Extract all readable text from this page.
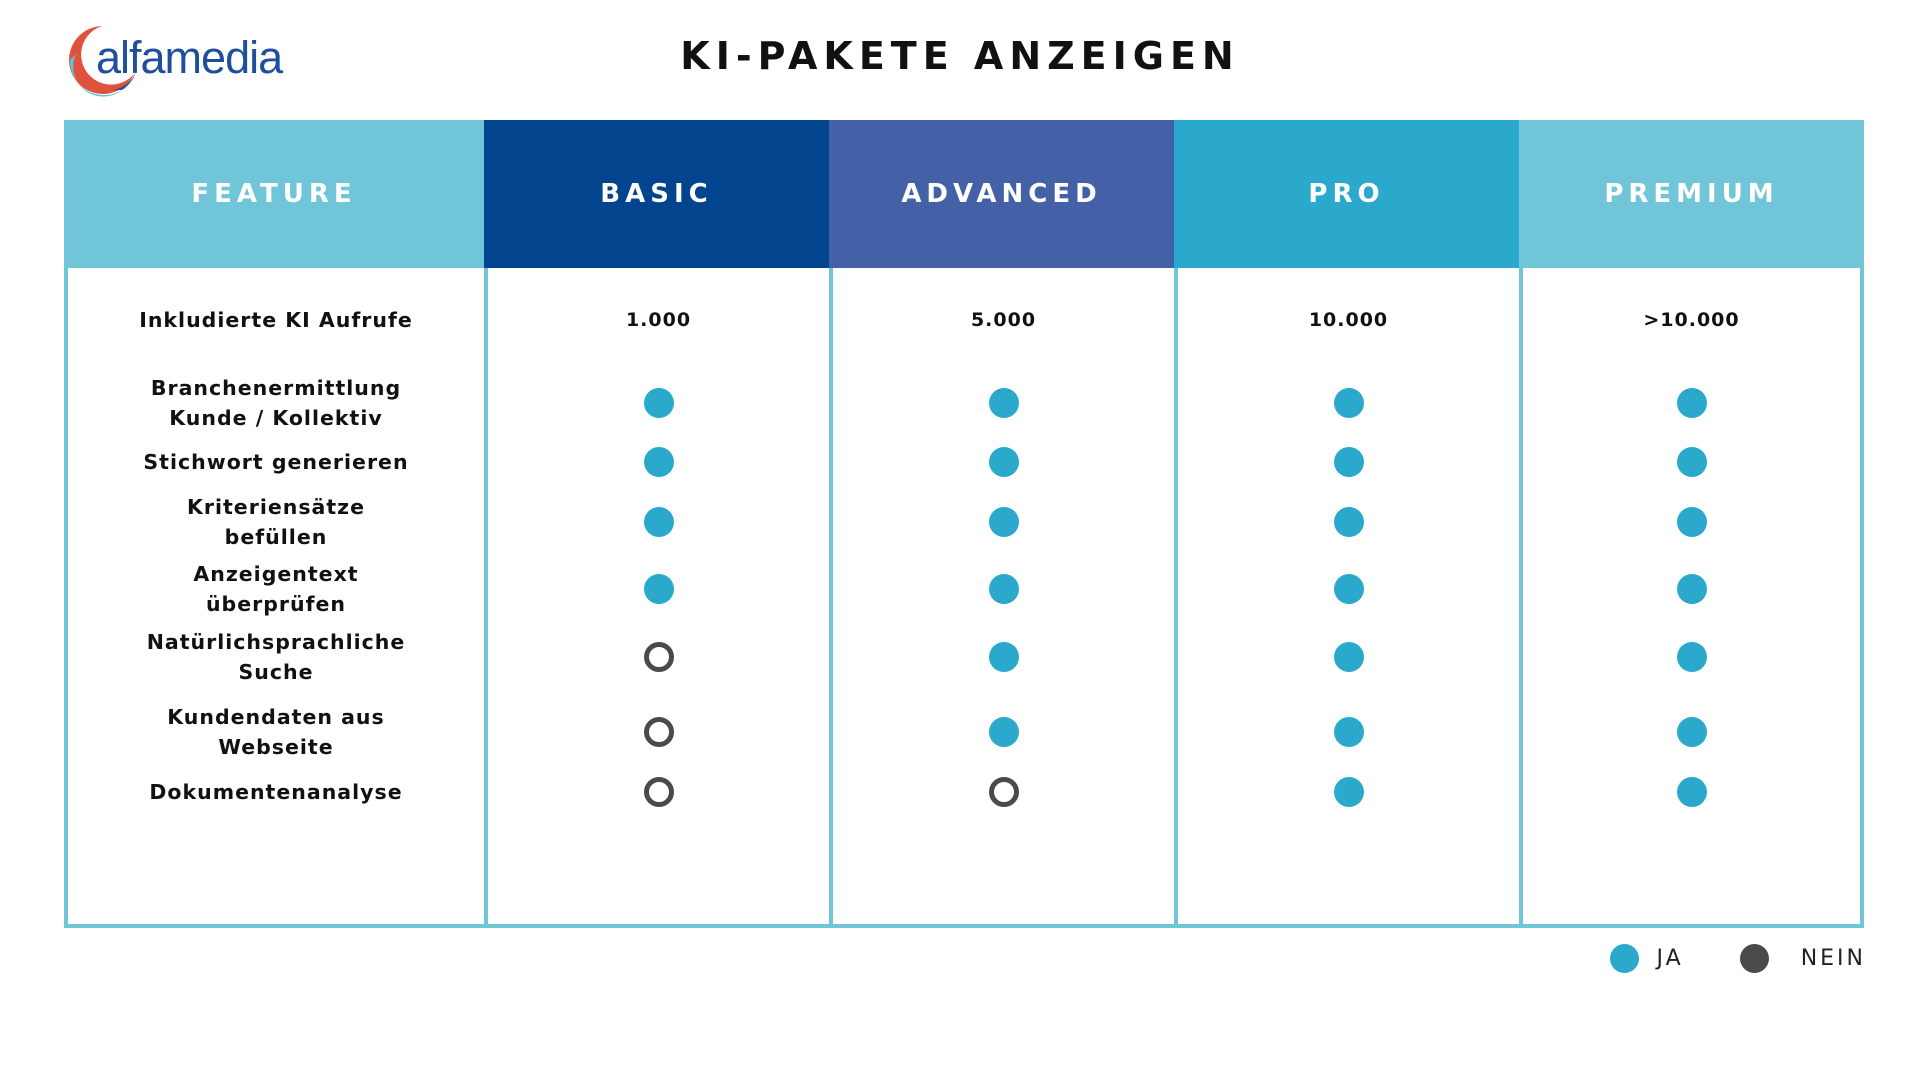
alfamedia	KI-PAKETE ANZEIGEN
FEATURE
Inkludierte KI Aufrufe
Branchenermittlung
Kunde / Kollektiv
Stichwort generieren
Kriteriensätze
befüllen
Anzeigentext
überprüfen
Natürlichsprachliche
Suche
Kundendaten aus
Webseite
Dokumentenanalyse
BASIC
1.000
ADVANCED
5.000
PRO
10.000
PREMIUM
>10.000
JA	NEIN
